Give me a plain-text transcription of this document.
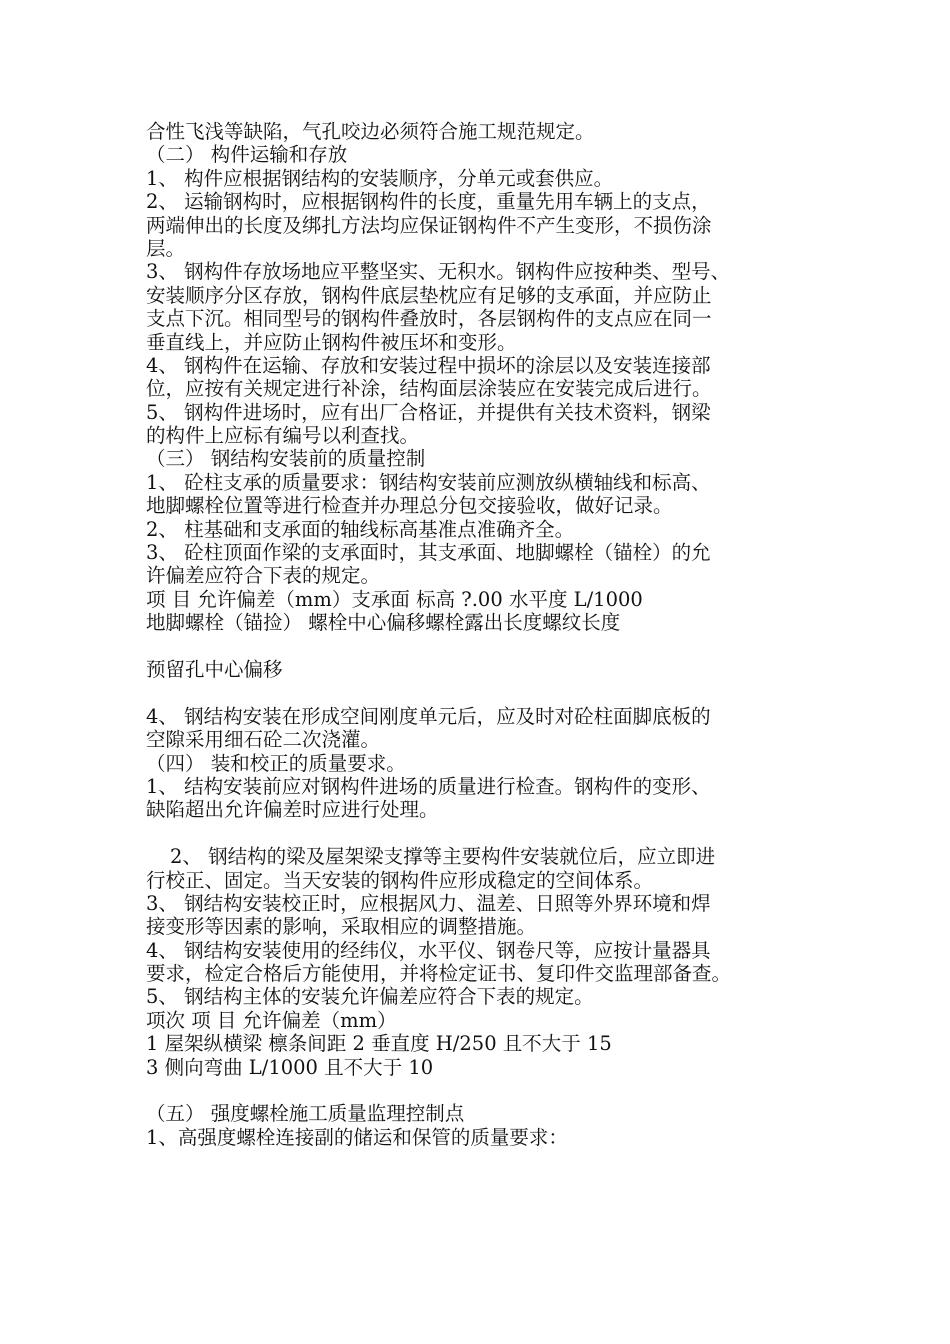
合性飞浅等缺陷，气孔咬边必须符合施工规范规定。
（二） 构件运输和存放
1、 构件应根据钢结构的安装顺序，分单元或套供应。
2、 运输钢构时，应根据钢构件的长度，重量先用车辆上的支点，
两端伸出的长度及绑扎方法均应保证钢构件不产生变形，不损伤涂
层。
3、 钢构件存放场地应平整坚实、无积水。钢构件应按种类、型号、
安装顺序分区存放，钢构件底层垫枕应有足够的支承面，并应防止
支点下沉。相同型号的钢构件叠放时，各层钢构件的支点应在同一
垂直线上，并应防止钢构件被压坏和变形。
4、 钢构件在运输、存放和安装过程中损坏的涂层以及安装连接部
位，应按有关规定进行补涂，结构面层涂装应在安装完成后进行。
5、 钢构件进场时，应有出厂合格证，并提供有关技术资料，钢梁
的构件上应标有编号以利查找。
（三） 钢结构安装前的质量控制
1、 砼柱支承的质量要求：钢结构安装前应测放纵横轴线和标高、
地脚螺栓位置等进行检查并办理总分包交接验收，做好记录。
2、 柱基础和支承面的轴线标高基准点准确齐全。
3、 砼柱顶面作梁的支承面时，其支承面、地脚螺栓（锚栓）的允
许偏差应符合下表的规定。
项 目 允许偏差（mm）支承面 标高 ?.00 水平度 L/1000
地脚螺栓（锚捡） 螺栓中心偏移螺栓露出长度螺纹长度
预留孔中心偏移
4、 钢结构安装在形成空间刚度单元后，应及时对砼柱面脚底板的
空隙采用细石砼二次浇灌。
（四） 装和校正的质量要求。
1、 结构安装前应对钢构件进场的质量进行检查。钢构件的变形、
缺陷超出允许偏差时应进行处理。
2、 钢结构的梁及屋架梁支撑等主要构件安装就位后，应立即进
行校正、固定。当天安装的钢构件应形成稳定的空间体系。
3、 钢结构安装校正时，应根据风力、温差、日照等外界环境和焊
接变形等因素的影响，采取相应的调整措施。
4、 钢结构安装使用的经纬仪，水平仪、钢卷尺等，应按计量器具
要求，检定合格后方能使用，并将检定证书、复印件交监理部备查。
5、 钢结构主体的安装允许偏差应符合下表的规定。
项次 项 目 允许偏差（mm）
1 屋架纵横梁 檩条间距 2 垂直度 H/250 且不大于 15
3 侧向弯曲 L/1000 且不大于 10
（五） 强度螺栓施工质量监理控制点
1、高强度螺栓连接副的储运和保管的质量要求：
